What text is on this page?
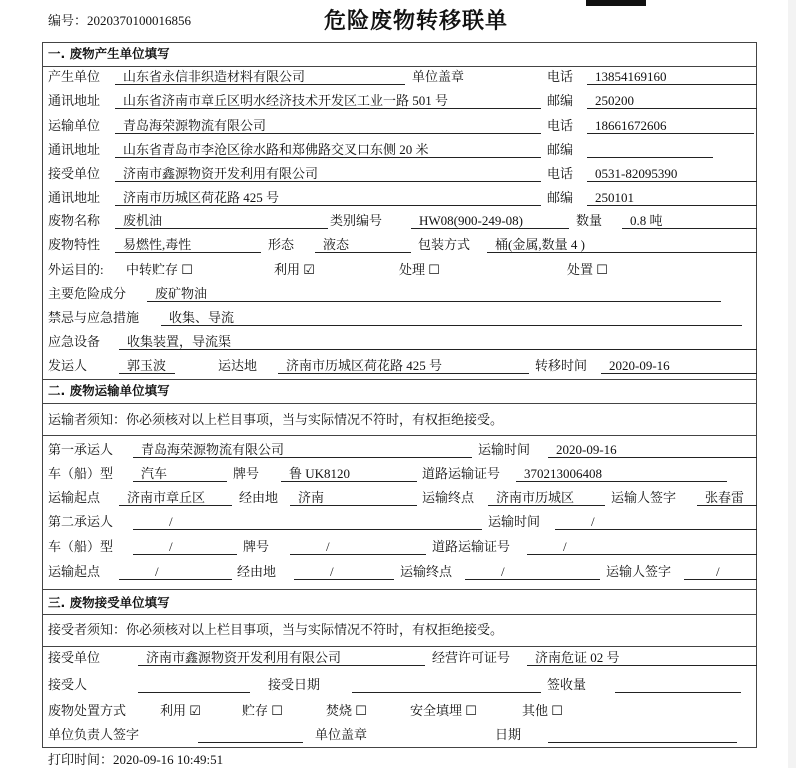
编号：2020370100016856	危险废物转移联单
一. 废物产生单位填写
产生单位	山东省永信非织造材料有限公司	单位盖章	电话	13854169160
通讯地址	山东省济南市章丘区明水经济技术开发区工业一路 501 号	邮编	250200
运输单位	青岛海荣源物流有限公司	电话	18661672606
通讯地址	山东省青岛市李沧区徐水路和郑佛路交叉口东侧 20 米	邮编
接受单位	济南市鑫源物资开发利用有限公司	电话	0531-82095390
通讯地址	济南市历城区荷花路 425 号	邮编	250101
废物名称	废机油	类别编号	HW08(900-249-08)	数量	0.8 吨
废物特性	易燃性,毒性	形态	液态	包装方式	桶(金属,数量 4 )
外运目的: 中转贮存 ☐	利用 ☑	处理 ☐	处置 ☐
主要危险成分	废矿物油
禁忌与应急措施	收集、导流
应急设备	收集装置，导流渠
发运人	郭玉波	运达地	济南市历城区荷花路 425 号	转移时间	2020-09-16
二. 废物运输单位填写
运输者须知：你必须核对以上栏目事项，当与实际情况不符时，有权拒绝接受。
第一承运人	青岛海荣源物流有限公司	运输时间	2020-09-16
车（船）型	汽车	牌号	鲁 UK8120	道路运输证号	370213006408
运输起点	济南市章丘区	经由地	济南	运输终点	济南市历城区	运输人签字	张春雷
第二承运人	/	运输时间	/
车（船）型	/	牌号	/	道路运输证号	/
运输起点	/	经由地	/	运输终点	/	运输人签字	/
三. 废物接受单位填写
接受者须知：你必须核对以上栏目事项，当与实际情况不符时，有权拒绝接受。
接受单位	济南市鑫源物资开发利用有限公司	经营许可证号	济南危证 02 号
接受人	接受日期	签收量
废物处置方式	利用 ☑	贮存 ☐	焚烧 ☐	安全填埋 ☐	其他 ☐
单位负责人签字	单位盖章	日期
打印时间：2020-09-16 10:49:51
